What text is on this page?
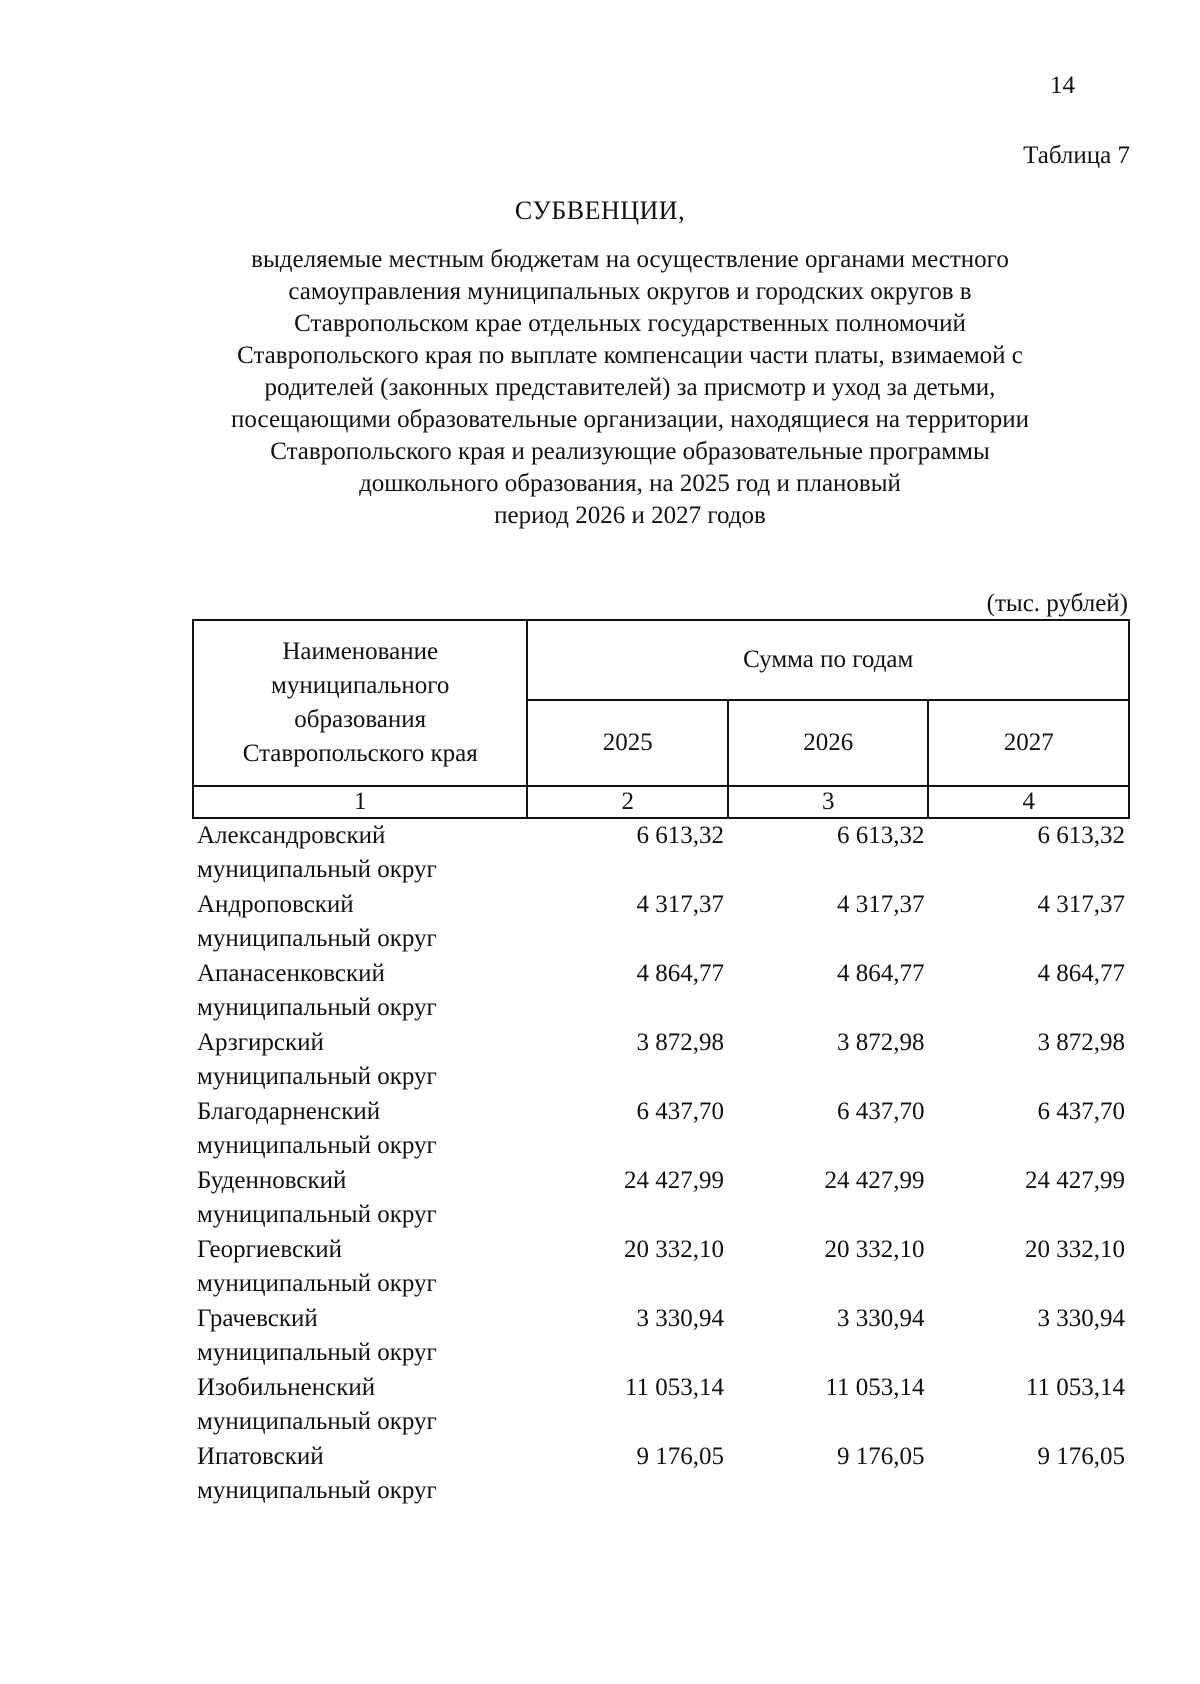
14
Таблица 7
СУБВЕНЦИИ,
выделяемые местным бюджетам на осуществление органами местного
самоуправления муниципальных округов и городских округов в
Ставропольском крае отдельных государственных полномочий
Ставропольского края по выплате компенсации части платы, взимаемой с
родителей (законных представителей) за присмотр и уход за детьми,
посещающими образовательные организации, находящиеся на территории
Ставропольского края и реализующие образовательные программы
дошкольного образования, на 2025 год и плановый
период 2026 и 2027 годов
(тыс. рублей)
Наименование
муниципального
образования
Ставропольского края	Сумма по годам		
	2025	2026	2027
1	2	3	4

Александровский
муниципальный округ	6 613,32	6 613,32	6 613,32

Андроповский
муниципальный округ	4 317,37	4 317,37	4 317,37

Апанасенковский
муниципальный округ	4 864,77	4 864,77	4 864,77

Арзгирский
муниципальный округ	3 872,98	3 872,98	3 872,98

Благодарненский
муниципальный округ	6 437,70	6 437,70	6 437,70

Буденновский
муниципальный округ	24 427,99	24 427,99	24 427,99

Георгиевский
муниципальный округ	20 332,10	20 332,10	20 332,10

Грачевский
муниципальный округ	3 330,94	3 330,94	3 330,94

Изобильненский
муниципальный округ	11 053,14	11 053,14	11 053,14

Ипатовский
муниципальный округ	9 176,05	9 176,05	9 176,05
